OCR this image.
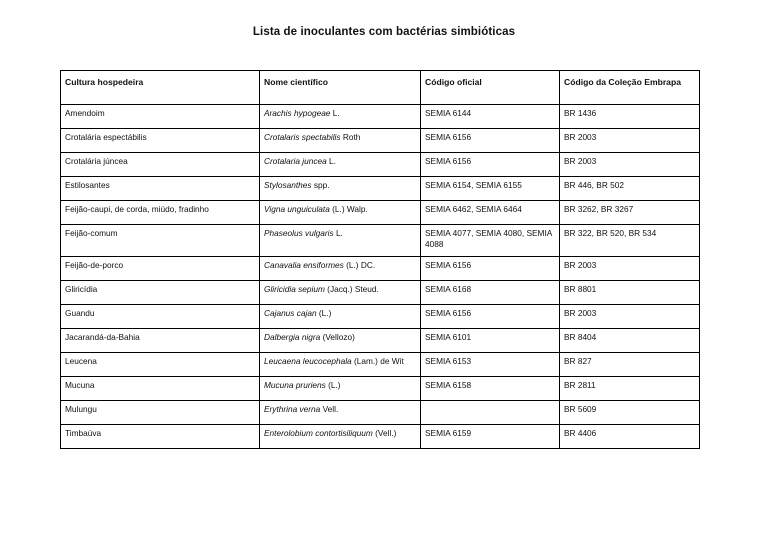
Lista de inoculantes com bactérias simbióticas
Cultura hospedeira	Nome científico	Código oficial	Código da Coleção Embrapa
Amendoim	Arachis hypogeae L.	SEMIA 6144	BR 1436
Crotalária espectábilis	Crotalaris spectabilis Roth	SEMIA 6156	BR 2003
Crotalária júncea	Crotalaria juncea L.	SEMIA 6156	BR 2003
Estilosantes	Stylosanthes spp.	SEMIA 6154, SEMIA 6155	BR 446, BR 502
Feijão-caupi, de corda, miúdo, fradinho	Vigna unguiculata (L.) Walp.	SEMIA 6462, SEMIA 6464	BR 3262, BR 3267
Feijão-comum	Phaseolus vulgaris L.	SEMIA 4077, SEMIA 4080, SEMIA 4088	BR 322, BR 520, BR 534
Feijão-de-porco	Canavalia ensiformes (L.) DC.	SEMIA 6156	BR 2003
Gliricídia	Gliricidia sepium (Jacq.) Steud.	SEMIA 6168	BR 8801
Guandu	Cajanus cajan (L.)	SEMIA 6156	BR 2003
Jacarandá-da-Bahia	Dalbergia nigra (Vellozo)	SEMIA 6101	BR 8404
Leucena	Leucaena leucocephala (Lam.) de Wit	SEMIA 6153	BR 827
Mucuna	Mucuna pruriens (L.)	SEMIA 6158	BR 2811
Mulungu	Erythrina verna Vell.		BR 5609
Timbaúva	Enterolobium contortisiliquum (Vell.)	SEMIA 6159	BR 4406
